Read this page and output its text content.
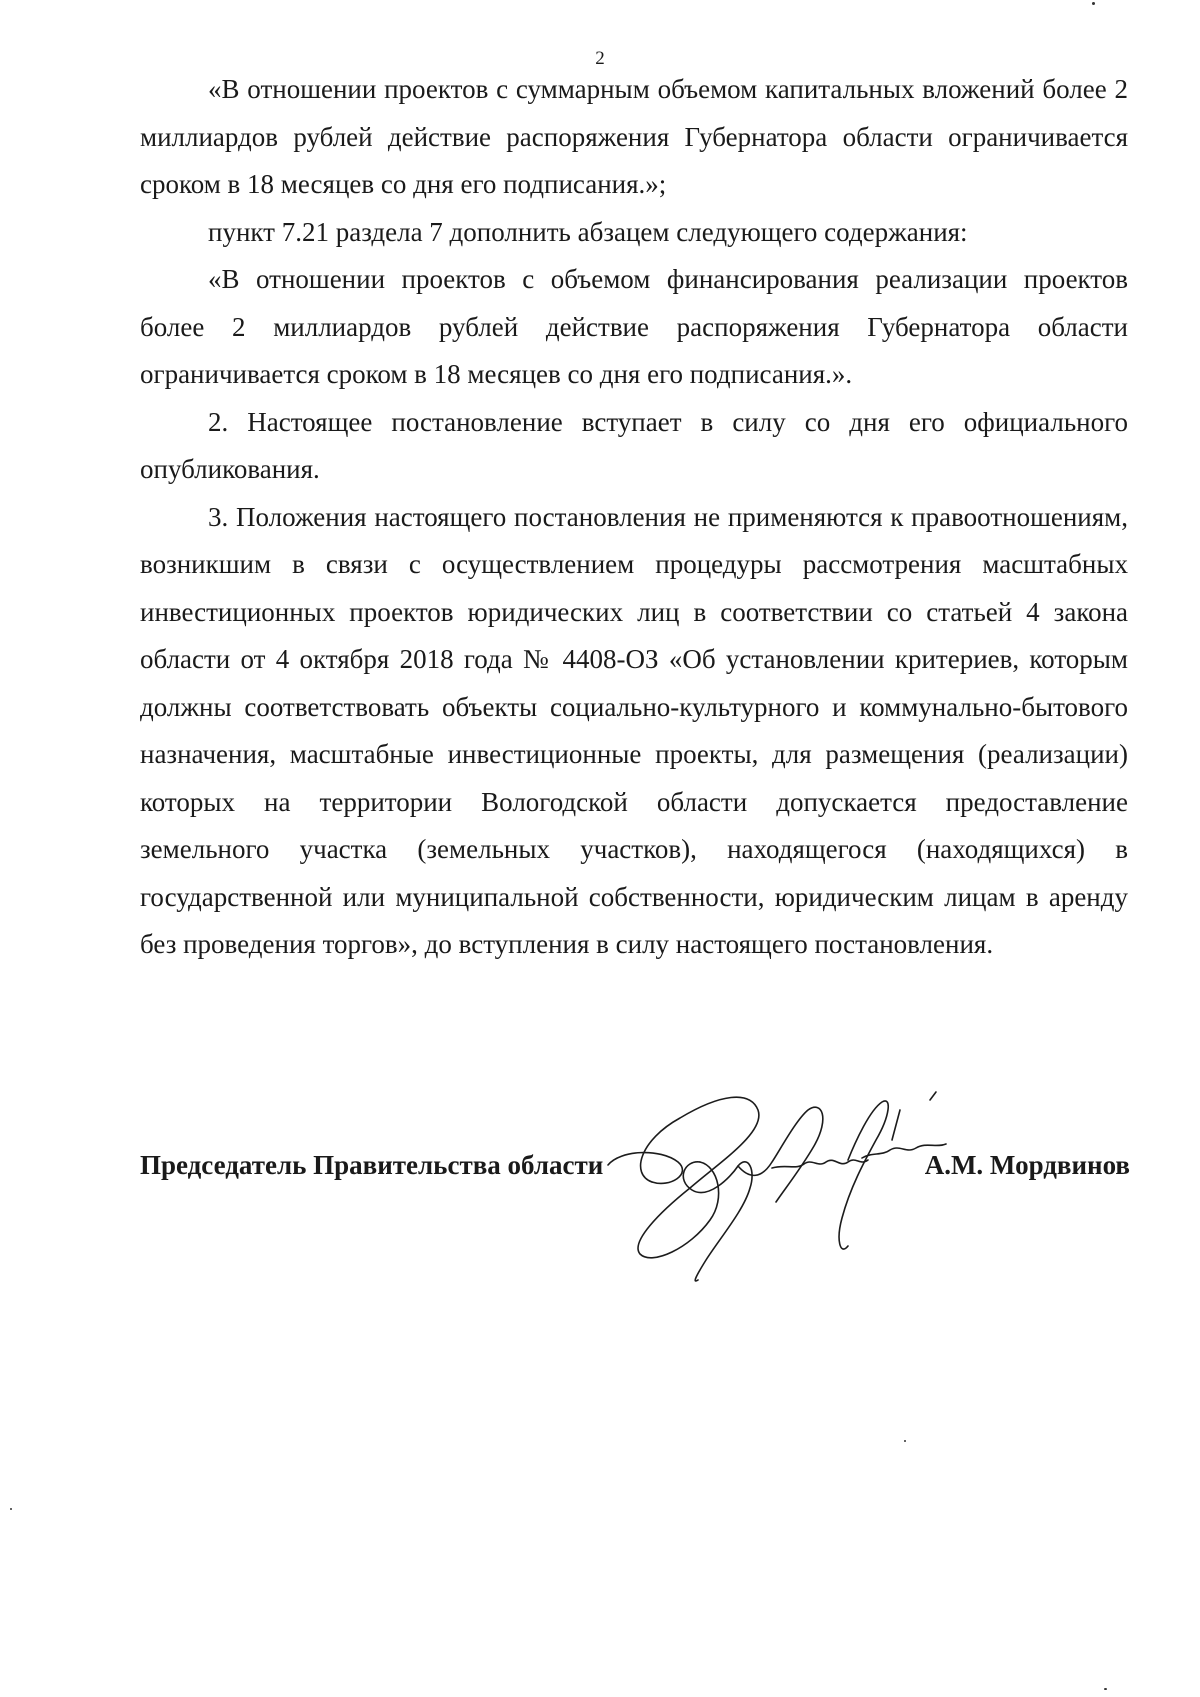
2

«В отношении проектов с суммарным объемом капитальных вложений более 2 миллиардов рублей действие распоряжения Губернатора области ограничивается сроком в 18 месяцев со дня его подписания.»;

пункт 7.21 раздела 7 дополнить абзацем следующего содержания:

«В отношении проектов с объемом финансирования реализации проектов более 2 миллиардов рублей действие распоряжения Губернатора области ограничивается сроком в 18 месяцев со дня его подписания.».

2. Настоящее постановление вступает в силу со дня его официального опубликования.

3. Положения настоящего постановления не применяются к правоотношениям, возникшим в связи с осуществлением процедуры рассмотрения масштабных инвестиционных проектов юридических лиц в соответствии со статьей 4 закона области от 4 октября 2018 года № 4408-ОЗ «Об установлении критериев, которым должны соответствовать объекты социально-культурного и коммунально-бытового назначения, масштабные инвестиционные проекты, для размещения (реализации) которых на территории Вологодской области допускается предоставление земельного участка (земельных участков), находящегося (находящихся) в государственной или муниципальной собственности, юридическим лицам в аренду без проведения торгов», до вступления в силу настоящего постановления.

Председатель Правительства области	А.М. Мордвинов
